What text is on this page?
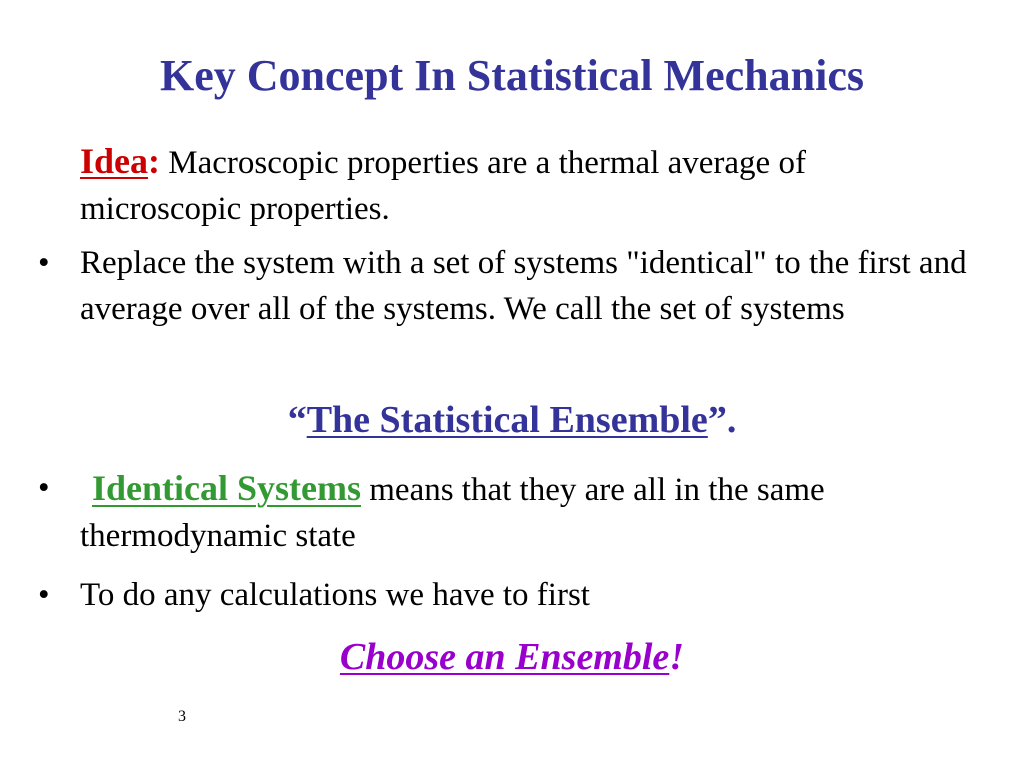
Key Concept In Statistical Mechanics
Idea: Macroscopic properties are a thermal average of
microscopic properties.
• Replace the system with a set of systems "identical" to the first and average over all of the systems. We call the set of systems
“The Statistical Ensemble”.
•	Identical Systems means that they are all in the same thermodynamic state
• To do any calculations we have to first
Choose an Ensemble!
3
